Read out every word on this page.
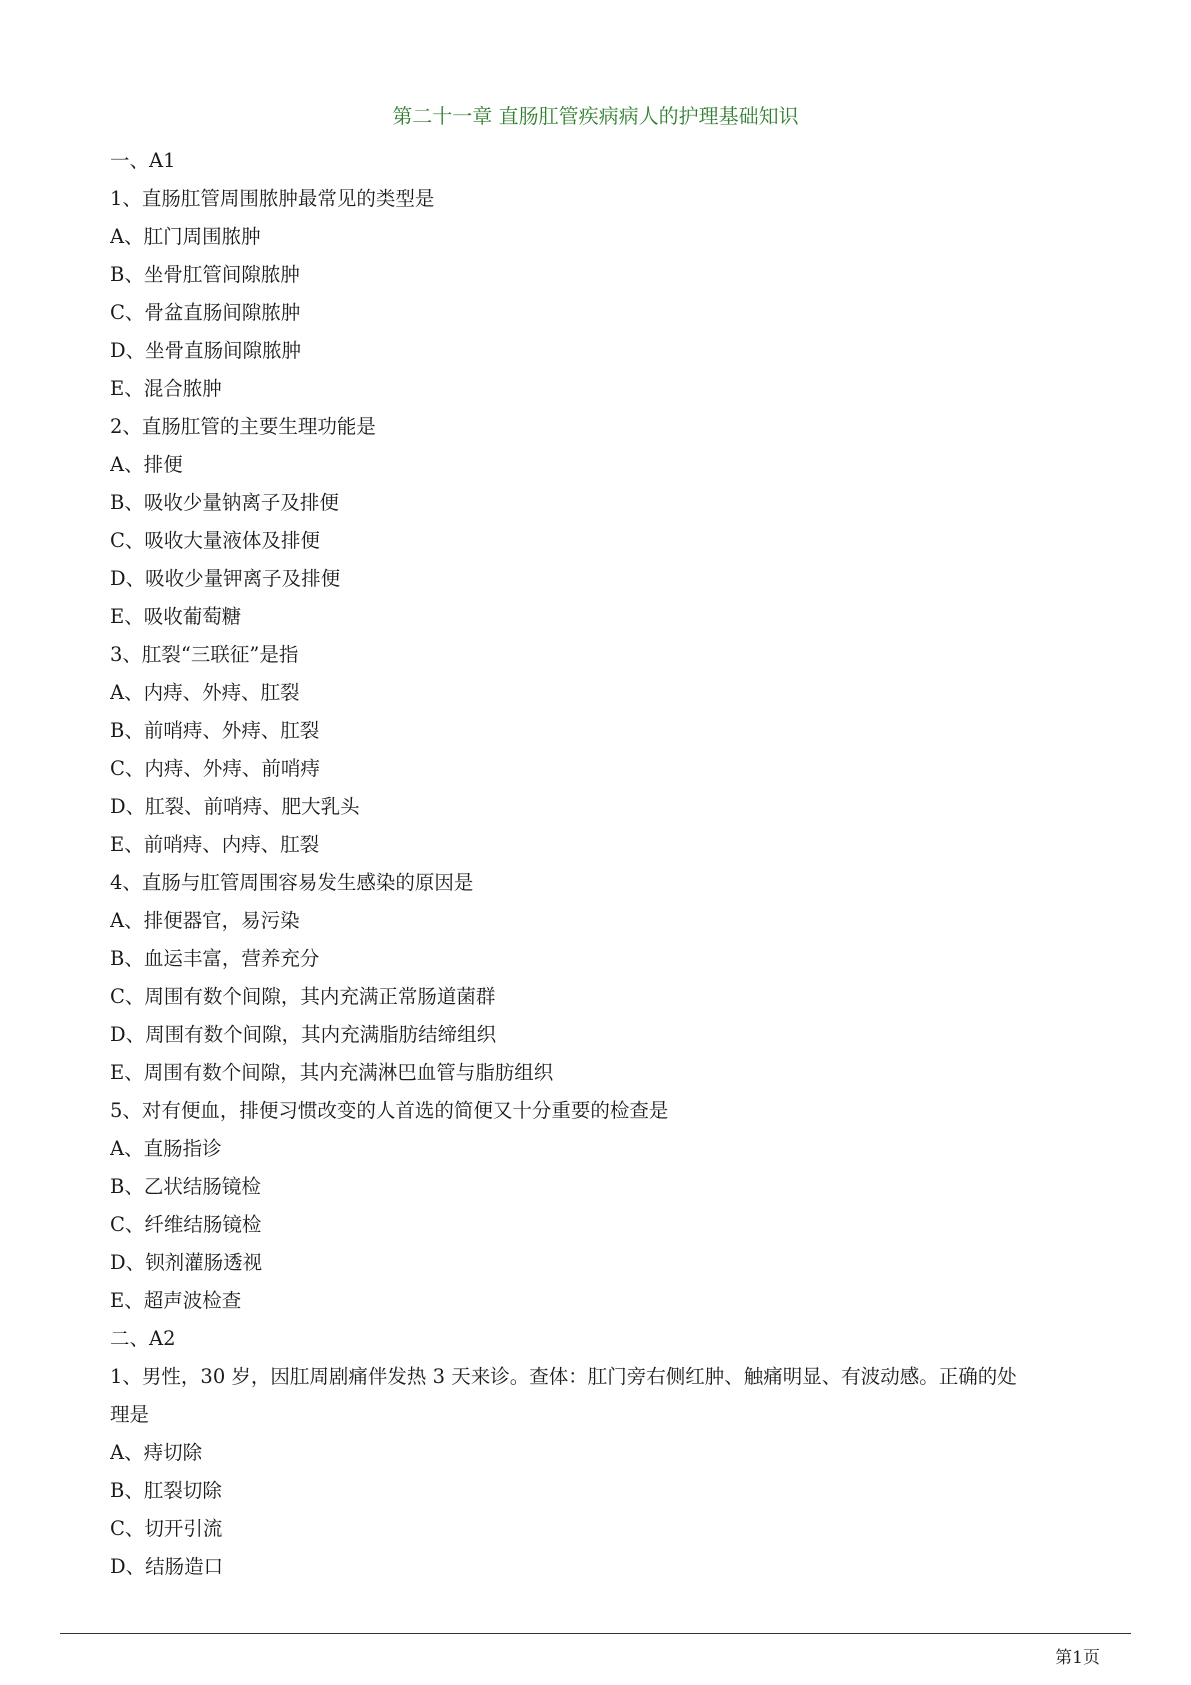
第二十一章 直肠肛管疾病病人的护理基础知识
一、A1
1、直肠肛管周围脓肿最常见的类型是
A、肛门周围脓肿
B、坐骨肛管间隙脓肿
C、骨盆直肠间隙脓肿
D、坐骨直肠间隙脓肿
E、混合脓肿
2、直肠肛管的主要生理功能是
A、排便
B、吸收少量钠离子及排便
C、吸收大量液体及排便
D、吸收少量钾离子及排便
E、吸收葡萄糖
3、肛裂“三联征”是指
A、内痔、外痔、肛裂
B、前哨痔、外痔、肛裂
C、内痔、外痔、前哨痔
D、肛裂、前哨痔、肥大乳头
E、前哨痔、内痔、肛裂
4、直肠与肛管周围容易发生感染的原因是
A、排便器官，易污染
B、血运丰富，营养充分
C、周围有数个间隙，其内充满正常肠道菌群
D、周围有数个间隙，其内充满脂肪结缔组织
E、周围有数个间隙，其内充满淋巴血管与脂肪组织
5、对有便血，排便习惯改变的人首选的简便又十分重要的检查是
A、直肠指诊
B、乙状结肠镜检
C、纤维结肠镜检
D、钡剂灌肠透视
E、超声波检查
二、A2
1、男性，30 岁，因肛周剧痛伴发热 3 天来诊。查体：肛门旁右侧红肿、触痛明显、有波动感。正确的处
理是
A、痔切除
B、肛裂切除
C、切开引流
D、结肠造口
第1页
